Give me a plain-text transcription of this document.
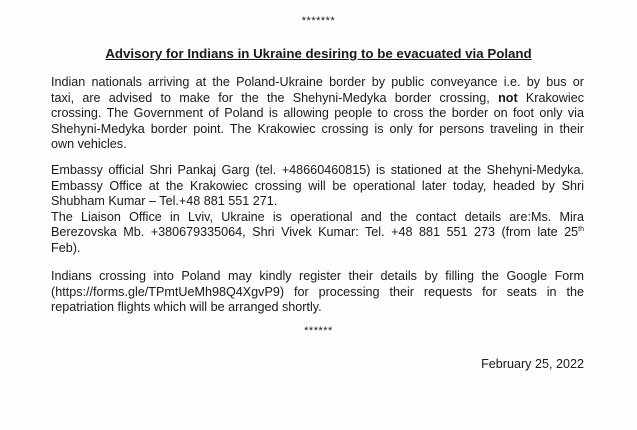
*******
Advisory for Indians in Ukraine desiring to be evacuated via Poland
Indian nationals arriving at the Poland-Ukraine border by public conveyance i.e. by bus or
taxi, are advised to make for the the Shehyni-Medyka border crossing, not Krakowiec
crossing. The Government of Poland is allowing people to cross the border on foot only via
Shehyni-Medyka border point. The Krakowiec crossing is only for persons traveling in their
own vehicles.
Embassy official Shri Pankaj Garg (tel. +48660460815) is stationed at the Shehyni-Medyka.
Embassy Office at the Krakowiec crossing will be operational later today, headed by Shri
Shubham Kumar – Tel.+48 881 551 271.
The Liaison Office in Lviv, Ukraine is operational and the contact details are:Ms. Mira
Berezovska Mb. +380679335064, Shri Vivek Kumar: Tel. +48 881 551 273 (from late 25th
Feb).
Indians crossing into Poland may kindly register their details by filling the Google Form
(https://forms.gle/TPmtUeMh98Q4XgvP9) for processing their requests for seats in the
repatriation flights which will be arranged shortly.
******
February 25, 2022
